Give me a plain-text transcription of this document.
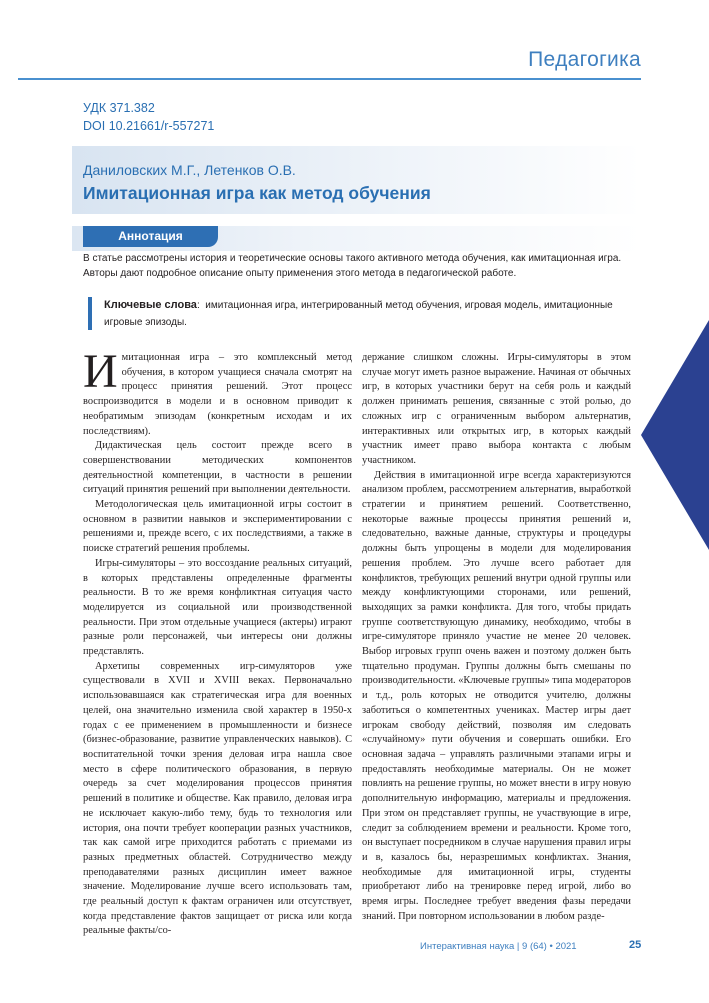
Педагогика
УДК 371.382
DOI 10.21661/r-557271
Даниловских М.Г., Летенков О.В.
Имитационная игра как метод обучения
Аннотация
В статье рассмотрены история и теоретические основы такого активного метода обучения, как имитационная игра. Авторы дают подробное описание опыту применения этого метода в педагогической работе.
Ключевые слова:  имитационная игра, интегрированный метод обучения, игровая модель, имитационные игровые эпизоды.

Имитационная игра – это комплексный метод обучения, в котором учащиеся сначала смотрят на процесс принятия решений. Этот процесс воспроизводится в модели и в основном приводит к необратимым эпизодам (конкретным исходам и их последствиям).

Дидактическая цель состоит прежде всего в совершенствовании методических компонентов деятельностной компетенции, в частности в решении ситуаций принятия решений при выполнении деятельности.

Методологическая цель имитационной игры состоит в основном в развитии навыков и экспериментировании с решениями и, прежде всего, с их последствиями, а также в поиске стратегий решения проблемы.

Игры-симуляторы – это воссоздание реальных ситуаций, в которых представлены определенные фрагменты реальности. В то же время конфликтная ситуация часто моделируется из социальной или производственной реальности. При этом отдельные учащиеся (актеры) играют разные роли персонажей, чьи интересы они должны представлять.

Архетипы современных игр-симуляторов уже существовали в XVII и XVIII веках. Первоначально использовавшаяся как стратегическая игра для военных целей, она значительно изменила свой характер в 1950-х годах с ее применением в промышленности и бизнесе (бизнес-образование, развитие управленческих навыков). С воспитательной точки зрения деловая игра нашла свое место в сфере политического образования, в первую очередь за счет моделирования процессов принятия решений в политике и обществе. Как правило, деловая игра не исключает какую-либо тему, будь то технология или история, она почти требует кооперации разных участников, так как самой игре приходится работать с приемами из разных предметных областей. Сотрудничество между преподавателями разных дисциплин имеет важное значение. Моделирование лучше всего использовать там, где реальный доступ к фактам ограничен или отсутствует, когда представление фактов защищает от риска или когда реальные факты/со-

держание слишком сложны. Игры-симуляторы в этом случае могут иметь разное выражение. Начиная от обычных игр, в которых участники берут на себя роль и каждый должен принимать решения, связанные с этой ролью, до сложных игр с ограниченным выбором альтернатив, интерактивных или открытых игр, в которых каждый участник имеет право выбора контакта с любым участником.

Действия в имитационной игре всегда характеризуются анализом проблем, рассмотрением альтернатив, выработкой стратегии и принятием решений. Соответственно, некоторые важные процессы принятия решений и, следовательно, важные данные, структуры и процедуры должны быть упрощены в модели для моделирования решения проблем. Это лучше всего работает для конфликтов, требующих решений внутри одной группы или между конфликтующими сторонами, или решений, выходящих за рамки конфликта. Для того, чтобы придать группе соответствующую динамику, необходимо, чтобы в игре-симуляторе приняло участие не менее 20 человек. Выбор игровых групп очень важен и поэтому должен быть тщательно продуман. Группы должны быть смешаны по производительности. «Ключевые группы» типа модераторов и т.д., роль которых не отводится учителю, должны заботиться о компетентных учениках. Мастер игры дает игрокам свободу действий, позволяя им следовать «случайному» пути обучения и совершать ошибки. Его основная задача – управлять различными этапами игры и предоставлять необходимые материалы. Он не может повлиять на решение группы, но может внести в игру новую дополнительную информацию, материалы и предложения. При этом он представляет группы, не участвующие в игре, следит за соблюдением времени и реальности. Кроме того, он выступает посредником в случае нарушения правил игры и в, казалось бы, неразрешимых конфликтах. Знания, необходимые для имитационной игры, студенты приобретают либо на тренировке перед игрой, либо во время игры. Последнее требует введения фазы передачи знаний. При повторном использовании в любом разде-

Интерактивная наука | 9 (64) • 2021	25
